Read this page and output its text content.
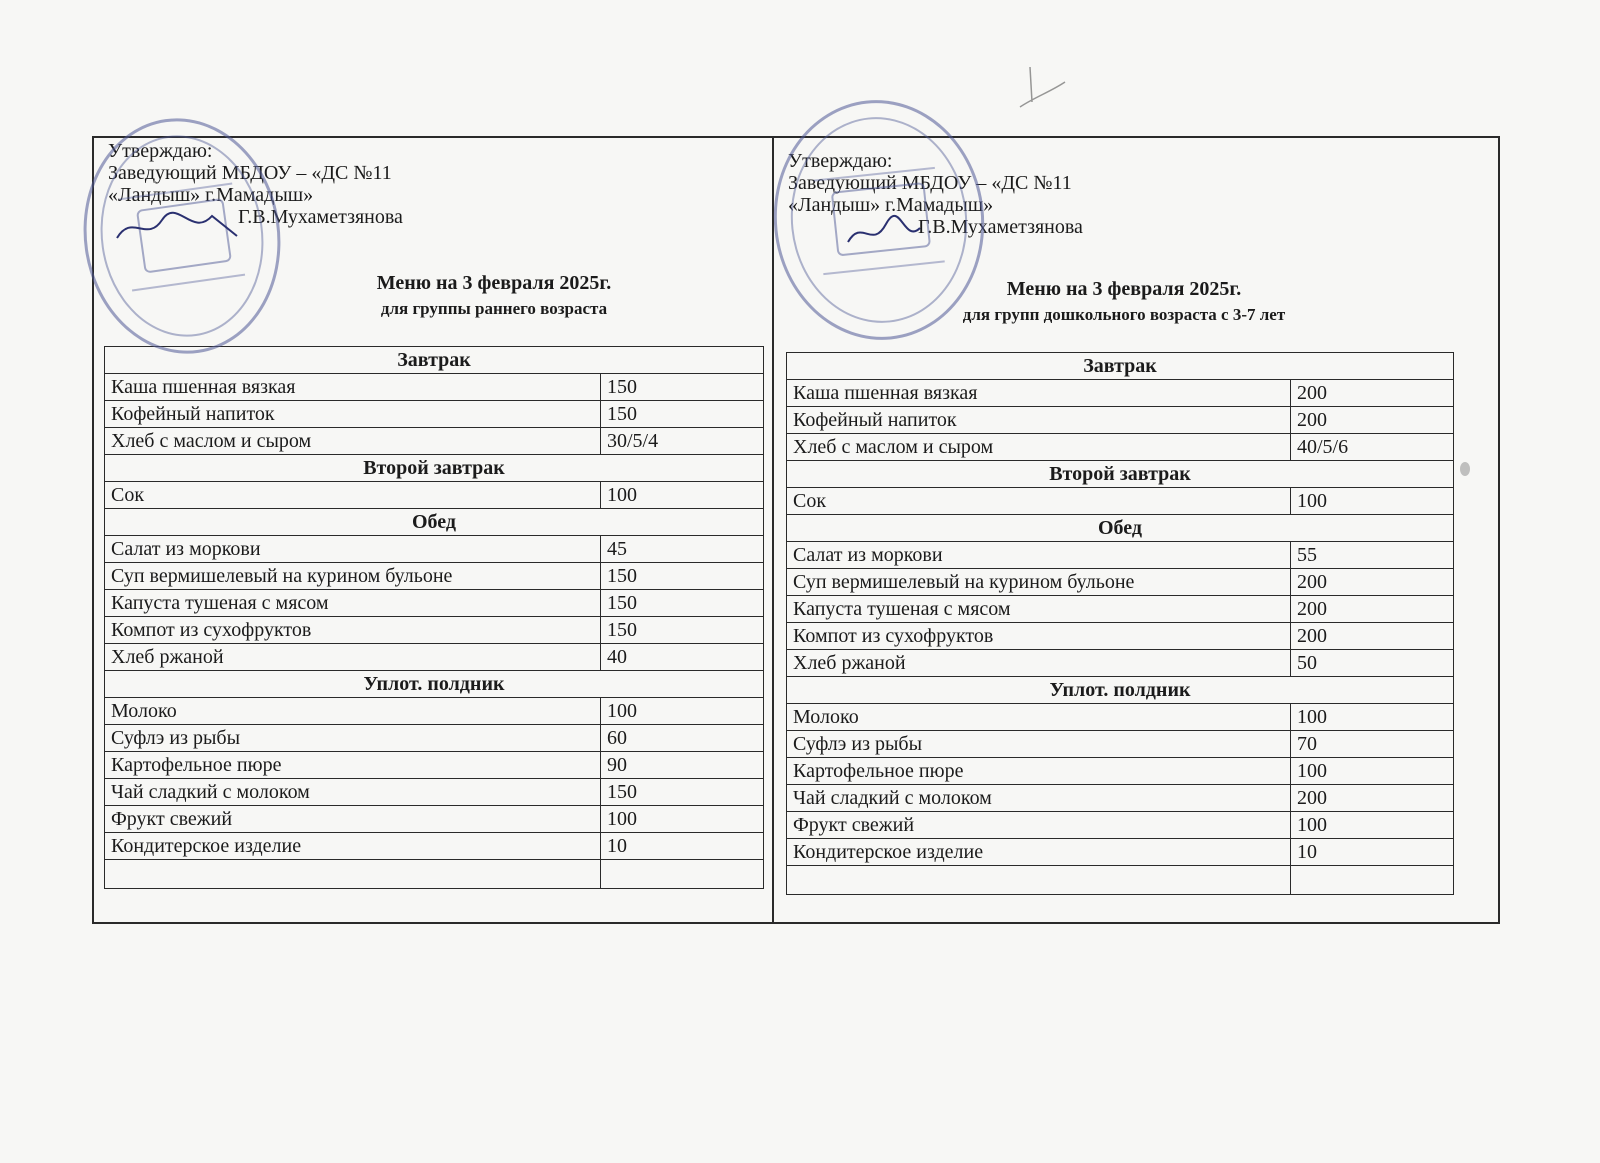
Утверждаю:
Заведующий МБДОУ – «ДС №11
«Ландыш» г.Мамадыш»
Г.В.Мухаметзянова
Меню на 3 февраля 2025г.
для группы раннего возраста
Завтрак	
Каша пшенная вязкая	150
Кофейный напиток	150
Хлеб с маслом и сыром	30/5/4
Второй завтрак	
Сок	100
Обед	
Салат из моркови	45
Суп вермишелевый на курином бульоне	150
Капуста тушеная с мясом	150
Компот из сухофруктов	150
Хлеб ржаной	40
Уплот. полдник	
Молоко	100
Суфлэ из рыбы	60
Картофельное пюре	90
Чай сладкий с молоком	150
Фрукт свежий	100
Кондитерское изделие	10

Утверждаю:
Заведующий МБДОУ – «ДС №11
«Ландыш» г.Мамадыш»
Г.В.Мухаметзянова
Меню на 3 февраля 2025г.
для групп дошкольного возраста с 3-7 лет
Завтрак	
Каша пшенная вязкая	200
Кофейный напиток	200
Хлеб с маслом и сыром	40/5/6
Второй завтрак	
Сок	100
Обед	
Салат из моркови	55
Суп вермишелевый на курином бульоне	200
Капуста тушеная с мясом	200
Компот из сухофруктов	200
Хлеб ржаной	50
Уплот. полдник	
Молоко	100
Суфлэ из рыбы	70
Картофельное пюре	100
Чай сладкий с молоком	200
Фрукт свежий	100
Кондитерское изделие	10
